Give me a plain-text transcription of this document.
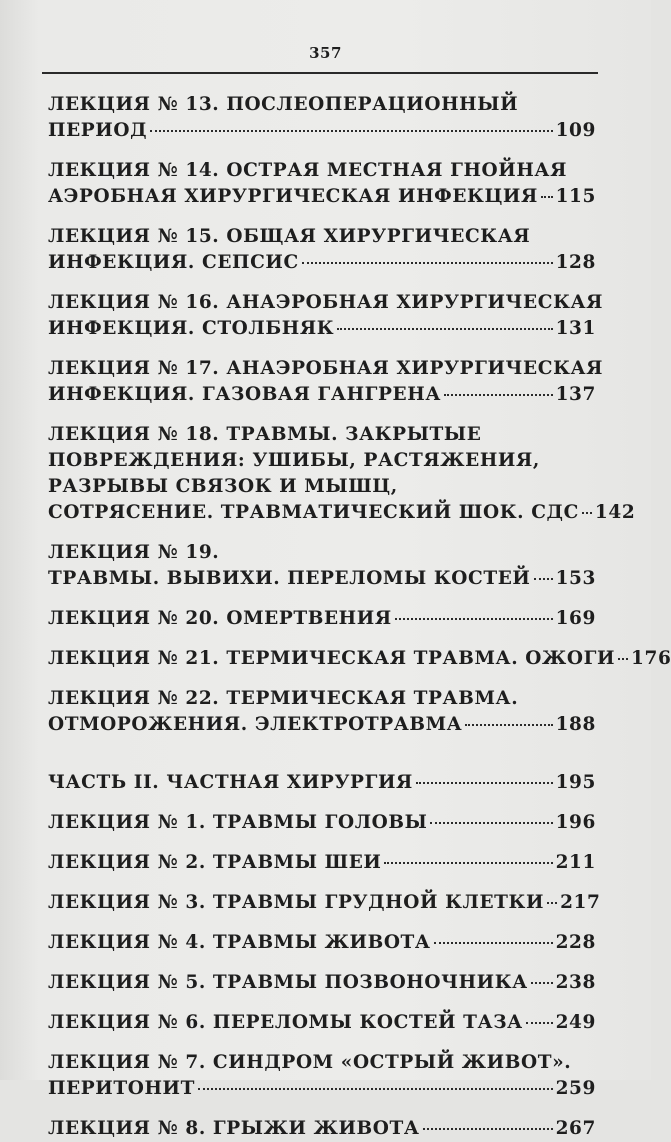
357
ЛЕКЦИЯ № 13. ПОСЛЕОПЕРАЦИОННЫЙ
ПЕРИОД	109
ЛЕКЦИЯ № 14. ОСТРАЯ МЕСТНАЯ ГНОЙНАЯ
АЭРОБНАЯ ХИРУРГИЧЕСКАЯ ИНФЕКЦИЯ 115
ЛЕКЦИЯ № 15. ОБЩАЯ ХИРУРГИЧЕСКАЯ
ИНФЕКЦИЯ. СЕПСИС	128
ЛЕКЦИЯ № 16. АНАЭРОБНАЯ ХИРУРГИЧЕСКАЯ
ИНФЕКЦИЯ. СТОЛБНЯК	131
ЛЕКЦИЯ № 17. АНАЭРОБНАЯ ХИРУРГИЧЕСКАЯ
ИНФЕКЦИЯ. ГАЗОВАЯ ГАНГРЕНА	137
ЛЕКЦИЯ № 18. ТРАВМЫ. ЗАКРЫТЫЕ
ПОВРЕЖДЕНИЯ: УШИБЫ, РАСТЯЖЕНИЯ,
РАЗРЫВЫ СВЯЗОК И МЫШЦ,
СОТРЯСЕНИЕ. ТРАВМАТИЧЕСКИЙ ШОК. СДС 142
ЛЕКЦИЯ № 19.
ТРАВМЫ. ВЫВИХИ. ПЕРЕЛОМЫ КОСТЕЙ 153
ЛЕКЦИЯ № 20. ОМЕРТВЕНИЯ	169
ЛЕКЦИЯ № 21. ТЕРМИЧЕСКАЯ ТРАВМА. ОЖОГИ 176
ЛЕКЦИЯ № 22. ТЕРМИЧЕСКАЯ ТРАВМА.
ОТМОРОЖЕНИЯ. ЭЛЕКТРОТРАВМА	188
ЧАСТЬ II. ЧАСТНАЯ ХИРУРГИЯ	195
ЛЕКЦИЯ № 1. ТРАВМЫ ГОЛОВЫ	196
ЛЕКЦИЯ № 2. ТРАВМЫ ШЕИ	211
ЛЕКЦИЯ № 3. ТРАВМЫ ГРУДНОЙ КЛЕТКИ 217
ЛЕКЦИЯ № 4. ТРАВМЫ ЖИВОТА	228
ЛЕКЦИЯ № 5. ТРАВМЫ ПОЗВОНОЧНИКА 238
ЛЕКЦИЯ № 6. ПЕРЕЛОМЫ КОСТЕЙ ТАЗА 249
ЛЕКЦИЯ № 7. СИНДРОМ «ОСТРЫЙ ЖИВОТ».
ПЕРИТОНИТ	259
ЛЕКЦИЯ № 8. ГРЫЖИ ЖИВОТА	267
